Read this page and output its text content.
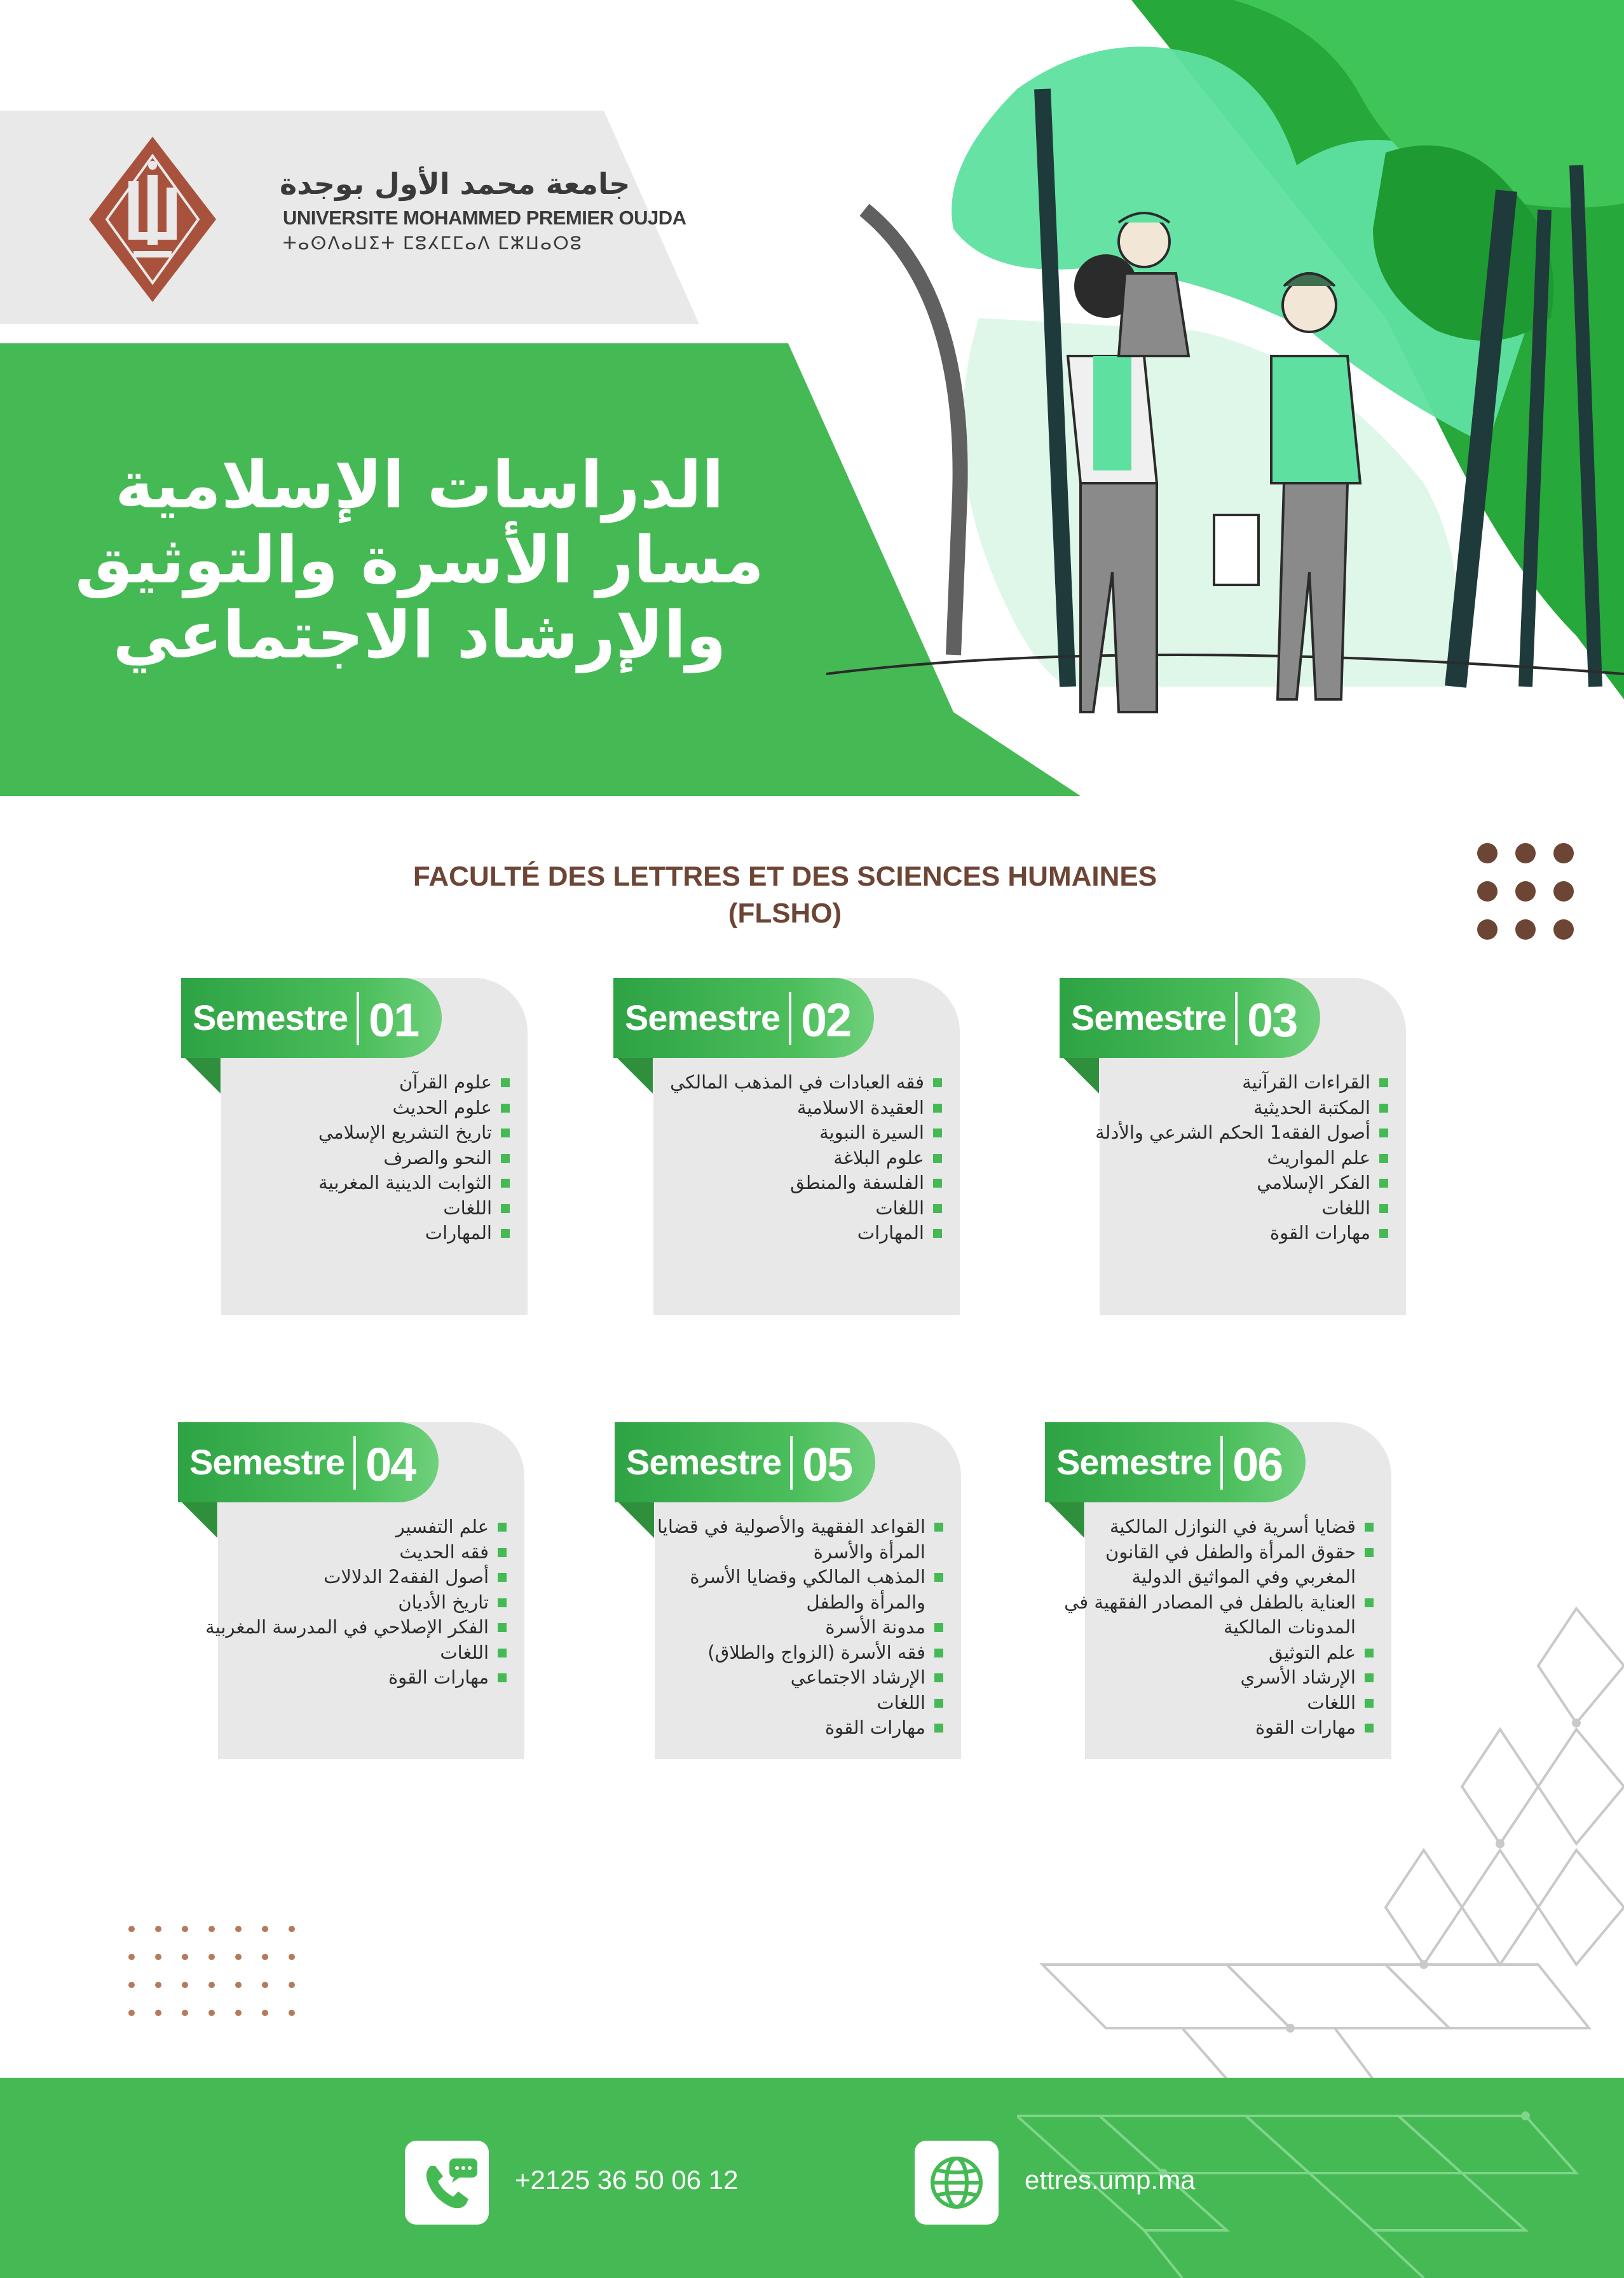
جامعة محمد الأول بوجدة
UNIVERSITE MOHAMMED PREMIER OUJDA
ⵜⴰⵙⴷⴰⵡⵉⵜ ⵎⵓⵃⵎⵎⴰⴷ ⵎⵣⵡⴰⵔⵓ
الدراسات الإسلامية
مسار الأسرة والتوثيق
والإرشاد الاجتماعي
FACULTÉ DES LETTRES ET DES SCIENCES HUMAINES
(FLSHO)
Semestre 01
علوم القرآن
علوم الحديث
تاريخ التشريع الإسلامي
النحو والصرف
الثوابت الدينية المغربية
اللغات
المهارات
Semestre 02
فقه العبادات في المذهب المالكي
العقيدة الاسلامية
السيرة النبوية
علوم البلاغة
الفلسفة والمنطق
اللغات
المهارات
Semestre 03
القراءات القرآنية
المكتبة الحديثية
أصول الفقه1 الحكم الشرعي والأدلة
علم المواريث
الفكر الإسلامي
اللغات
مهارات القوة
Semestre 04
علم التفسير
فقه الحديث
أصول الفقه2 الدلالات
تاريخ الأديان
الفكر الإصلاحي في المدرسة المغربية
اللغات
مهارات القوة
Semestre 05
القواعد الفقهية والأصولية في قضايا المرأة والأسرة
المذهب المالكي وقضايا الأسرة والمرأة والطفل
مدونة الأسرة
فقه الأسرة (الزواج والطلاق)
الإرشاد الاجتماعي
اللغات
مهارات القوة
Semestre 06
قضايا أسرية في النوازل المالكية
حقوق المرأة والطفل في القانون المغربي وفي المواثيق الدولية
العناية بالطفل في المصادر الفقهية في المدونات المالكية
علم التوثيق
الإرشاد الأسري
اللغات
مهارات القوة
+2125 36 50 06 12	ettres.ump.ma
